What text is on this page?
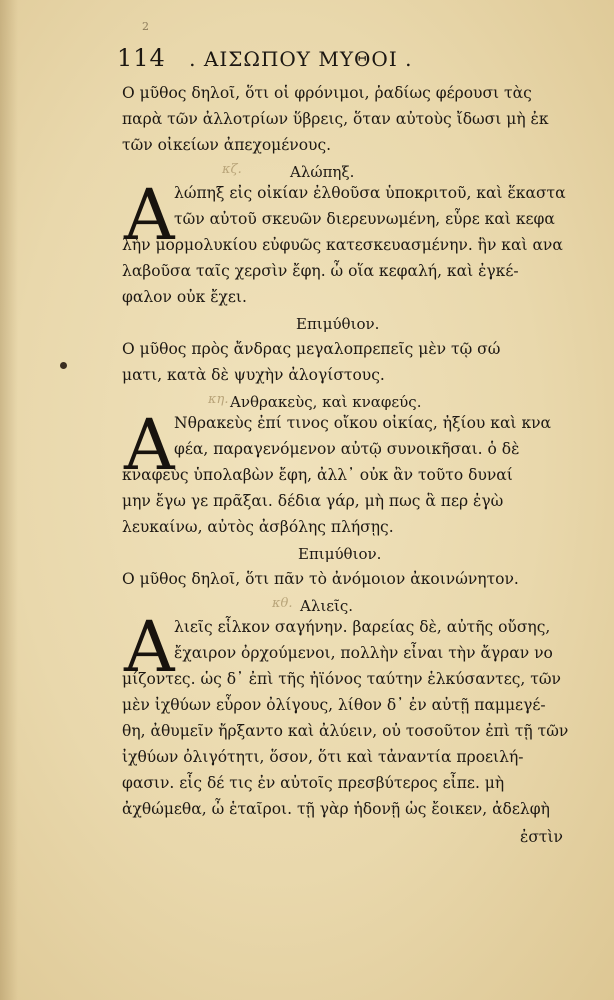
2
114 . ΑΙΣΩΠΟΥ ΜΥΘΟΙ .
Ο μῦθος δηλοῖ, ὅτι οἱ φρόνιμοι, ῥαδίως φέρουσι τὰς
παρὰ τῶν ἀλλοτρίων ὕβρεις, ὅταν αὐτοὺς ἴδωσι μὴ ἐκ
τῶν οἰκείων ἀπεχομένους.
κζ.	Αλώπηξ.
A λώπηξ εἰς οἰκίαν ἐλθοῦσα ὑποκριτοῦ, καὶ ἕκαστα
τῶν αὐτοῦ σκευῶν διερευνωμένη, εὗρε καὶ κεφα
λὴν μορμολυκίου εὐφυῶς κατεσκευασμένην. ἣν καὶ ανα
λαβοῦσα ταῖς χερσὶν ἔφη. ὦ οἵα κεφαλή, καὶ ἐγκέ-
φαλον οὐκ ἔχει.
Επιμύθιον.
Ο μῦθος πρὸς ἄνδρας μεγαλοπρεπεῖς μὲν τῷ σώ
ματι, κατὰ δὲ ψυχὴν ἀλογίστους.
κη. Ανθρακεὺς, καὶ κναφεύς.
A Νθρακεὺς ἐπί τινος οἴκου οἰκίας, ἠξίου καὶ κνα
φέα, παραγενόμενον αὐτῷ συνοικῆσαι. ὁ δὲ
κναφεὺς ὑπολαβὼν ἔφη, ἀλλ᾽ οὐκ ἂν τοῦτο δυναί
μην ἔγω γε πρᾶξαι. δέδια γάρ, μὴ πως ἃ περ ἐγὼ
λευκαίνω, αὐτὸς ἀσβόλης πλήσῃς.
Επιμύθιον.
Ο μῦθος δηλοῖ, ὅτι πᾶν τὸ ἀνόμοιον ἀκοινώνητον.
κθ. Αλιεῖς.
A λιεῖς εἷλκον σαγήνην. βαρείας δὲ, αὐτῆς οὔσης,
ἔχαιρον ὀρχούμενοι, πολλὴν εἶναι τὴν ἄγραν νο
μίζοντες. ὡς δ᾽ ἐπὶ τῆς ἠϊόνος ταύτην ἑλκύσαντες, τῶν
μὲν ἰχθύων εὗρον ὀλίγους, λίθον δ᾽ ἐν αὐτῇ παμμεγέ-
θη, ἀθυμεῖν ἤρξαντο καὶ ἀλύειν, οὐ τοσοῦτον ἐπὶ τῇ τῶν
ἰχθύων ὀλιγότητι, ὅσον, ὅτι καὶ τἀναντία προειλή-
φασιν. εἷς δέ τις ἐν αὐτοῖς πρεσβύτερος εἶπε. μὴ
ἀχθώμεθα, ὦ ἑταῖροι. τῇ γὰρ ἡδονῇ ὡς ἔοικεν, ἀδελφὴ
ἐστὶν
